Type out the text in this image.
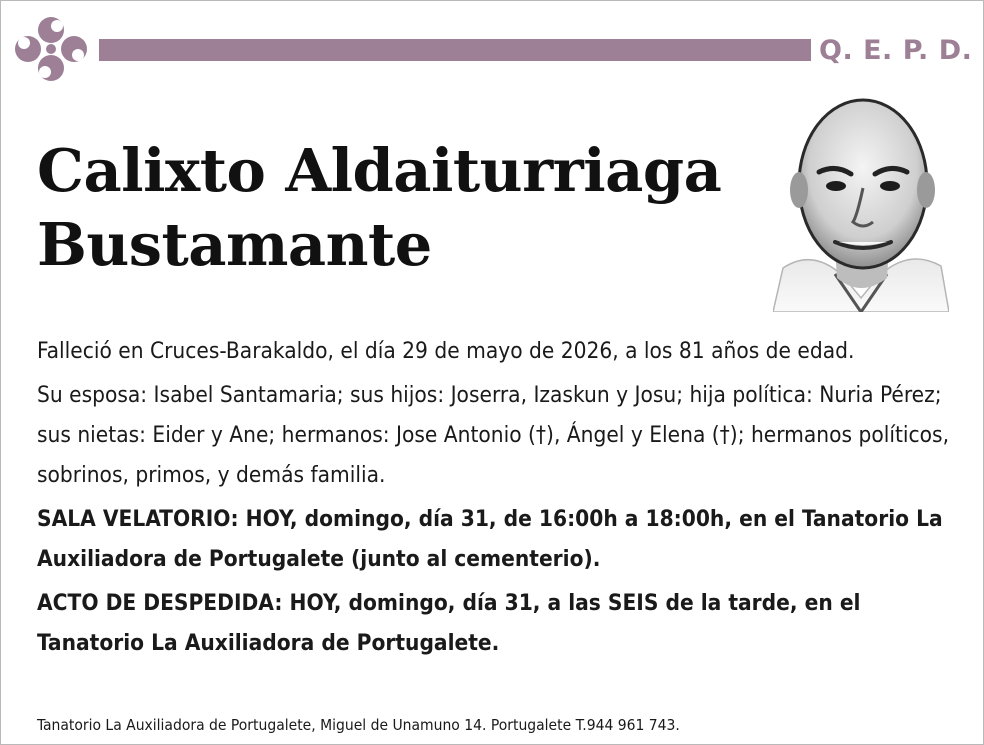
Q. E. P. D.
Calixto Aldaiturriaga
Bustamante

Falleció en Cruces-Barakaldo, el día 29 de mayo de 2026, a los 81 años de edad.

Su esposa: Isabel Santamaria; sus hijos: Joserra, Izaskun y Josu; hija política: Nuria Pérez; sus nietas: Eider y Ane; hermanos: Jose Antonio (†), Ángel y Elena (†); hermanos políticos, sobrinos, primos, y demás familia.

SALA VELATORIO: HOY, domingo, día 31, de 16:00h a 18:00h, en el Tanatorio La Auxiliadora de Portugalete (junto al cementerio).

ACTO DE DESPEDIDA: HOY, domingo, día 31, a las SEIS de la tarde, en el Tanatorio La Auxiliadora de Portugalete.

Tanatorio La Auxiliadora de Portugalete, Miguel de Unamuno 14. Portugalete T.944 961 743.
